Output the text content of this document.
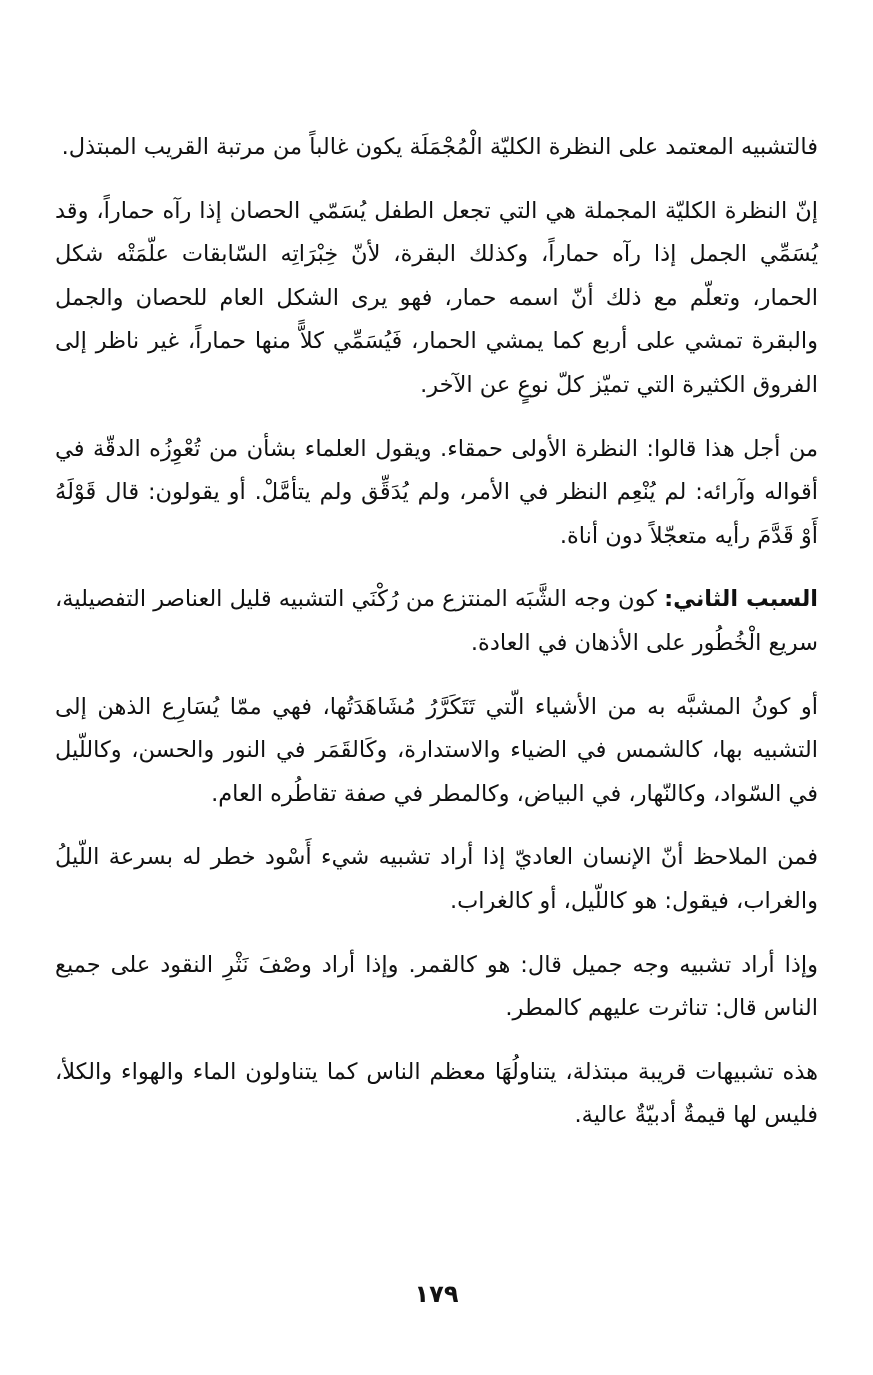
فالتشبيه المعتمد على النظرة الكليّة الْمُجْمَلَة يكون غالباً من مرتبة القريب المبتذل.

إنّ النظرة الكليّة المجملة هي التي تجعل الطفل يُسَمّي الحصان إذا رآه حماراً، وقد يُسَمِّي الجمل إذا رآه حماراً، وكذلك البقرة، لأنّ خِبْرَاتِه السّابقات علّمَتْه شكل الحمار، وتعلّم مع ذلك أنّ اسمه حمار، فهو يرى الشكل العام للحصان والجمل والبقرة تمشي على أربع كما يمشي الحمار، فَيُسَمِّي كلاًّ منها حماراً، غير ناظر إلى الفروق الكثيرة التي تميّز كلّ نوعٍ عن الآخر.

من أجل هذا قالوا: النظرة الأولى حمقاء. ويقول العلماء بشأن من تُعْوِزُه الدقّة في أقواله وآرائه: لم يُنْعِم النظر في الأمر، ولم يُدَقِّق ولم يتأمَّلْ. أو يقولون: قال قَوْلَهُ أَوْ قَدَّمَ رأيه متعجّلاً دون أناة.

السبب الثاني: كون وجه الشَّبَه المنتزع من رُكْنَي التشبيه قليل العناصر التفصيلية، سريع الْخُطُور على الأذهان في العادة.

أو كونُ المشبَّه به من الأشياء الّتي تَتَكَرَّرُ مُشَاهَدَتُها، فهي ممّا يُسَارِع الذهن إلى التشبيه بها، كالشمس في الضياء والاستدارة، وكَالقَمَر في النور والحسن، وكاللّيل في السّواد، وكالنّهار، في البياض، وكالمطر في صفة تقاطُره العام.

فمن الملاحظ أنّ الإنسان العاديّ إذا أراد تشبيه شيء أَسْود خطر له بسرعة اللّيلُ والغراب، فيقول: هو كاللّيل، أو كالغراب.

وإذا أراد تشبيه وجه جميل قال: هو كالقمر. وإذا أراد وصْفَ نَثْرِ النقود على جميع الناس قال: تناثرت عليهم كالمطر.

هذه تشبيهات قريبة مبتذلة، يتناولُهَا معظم الناس كما يتناولون الماء والهواء والكلأ، فليس لها قيمةٌ أدبيّةٌ عالية.

١٧٩
